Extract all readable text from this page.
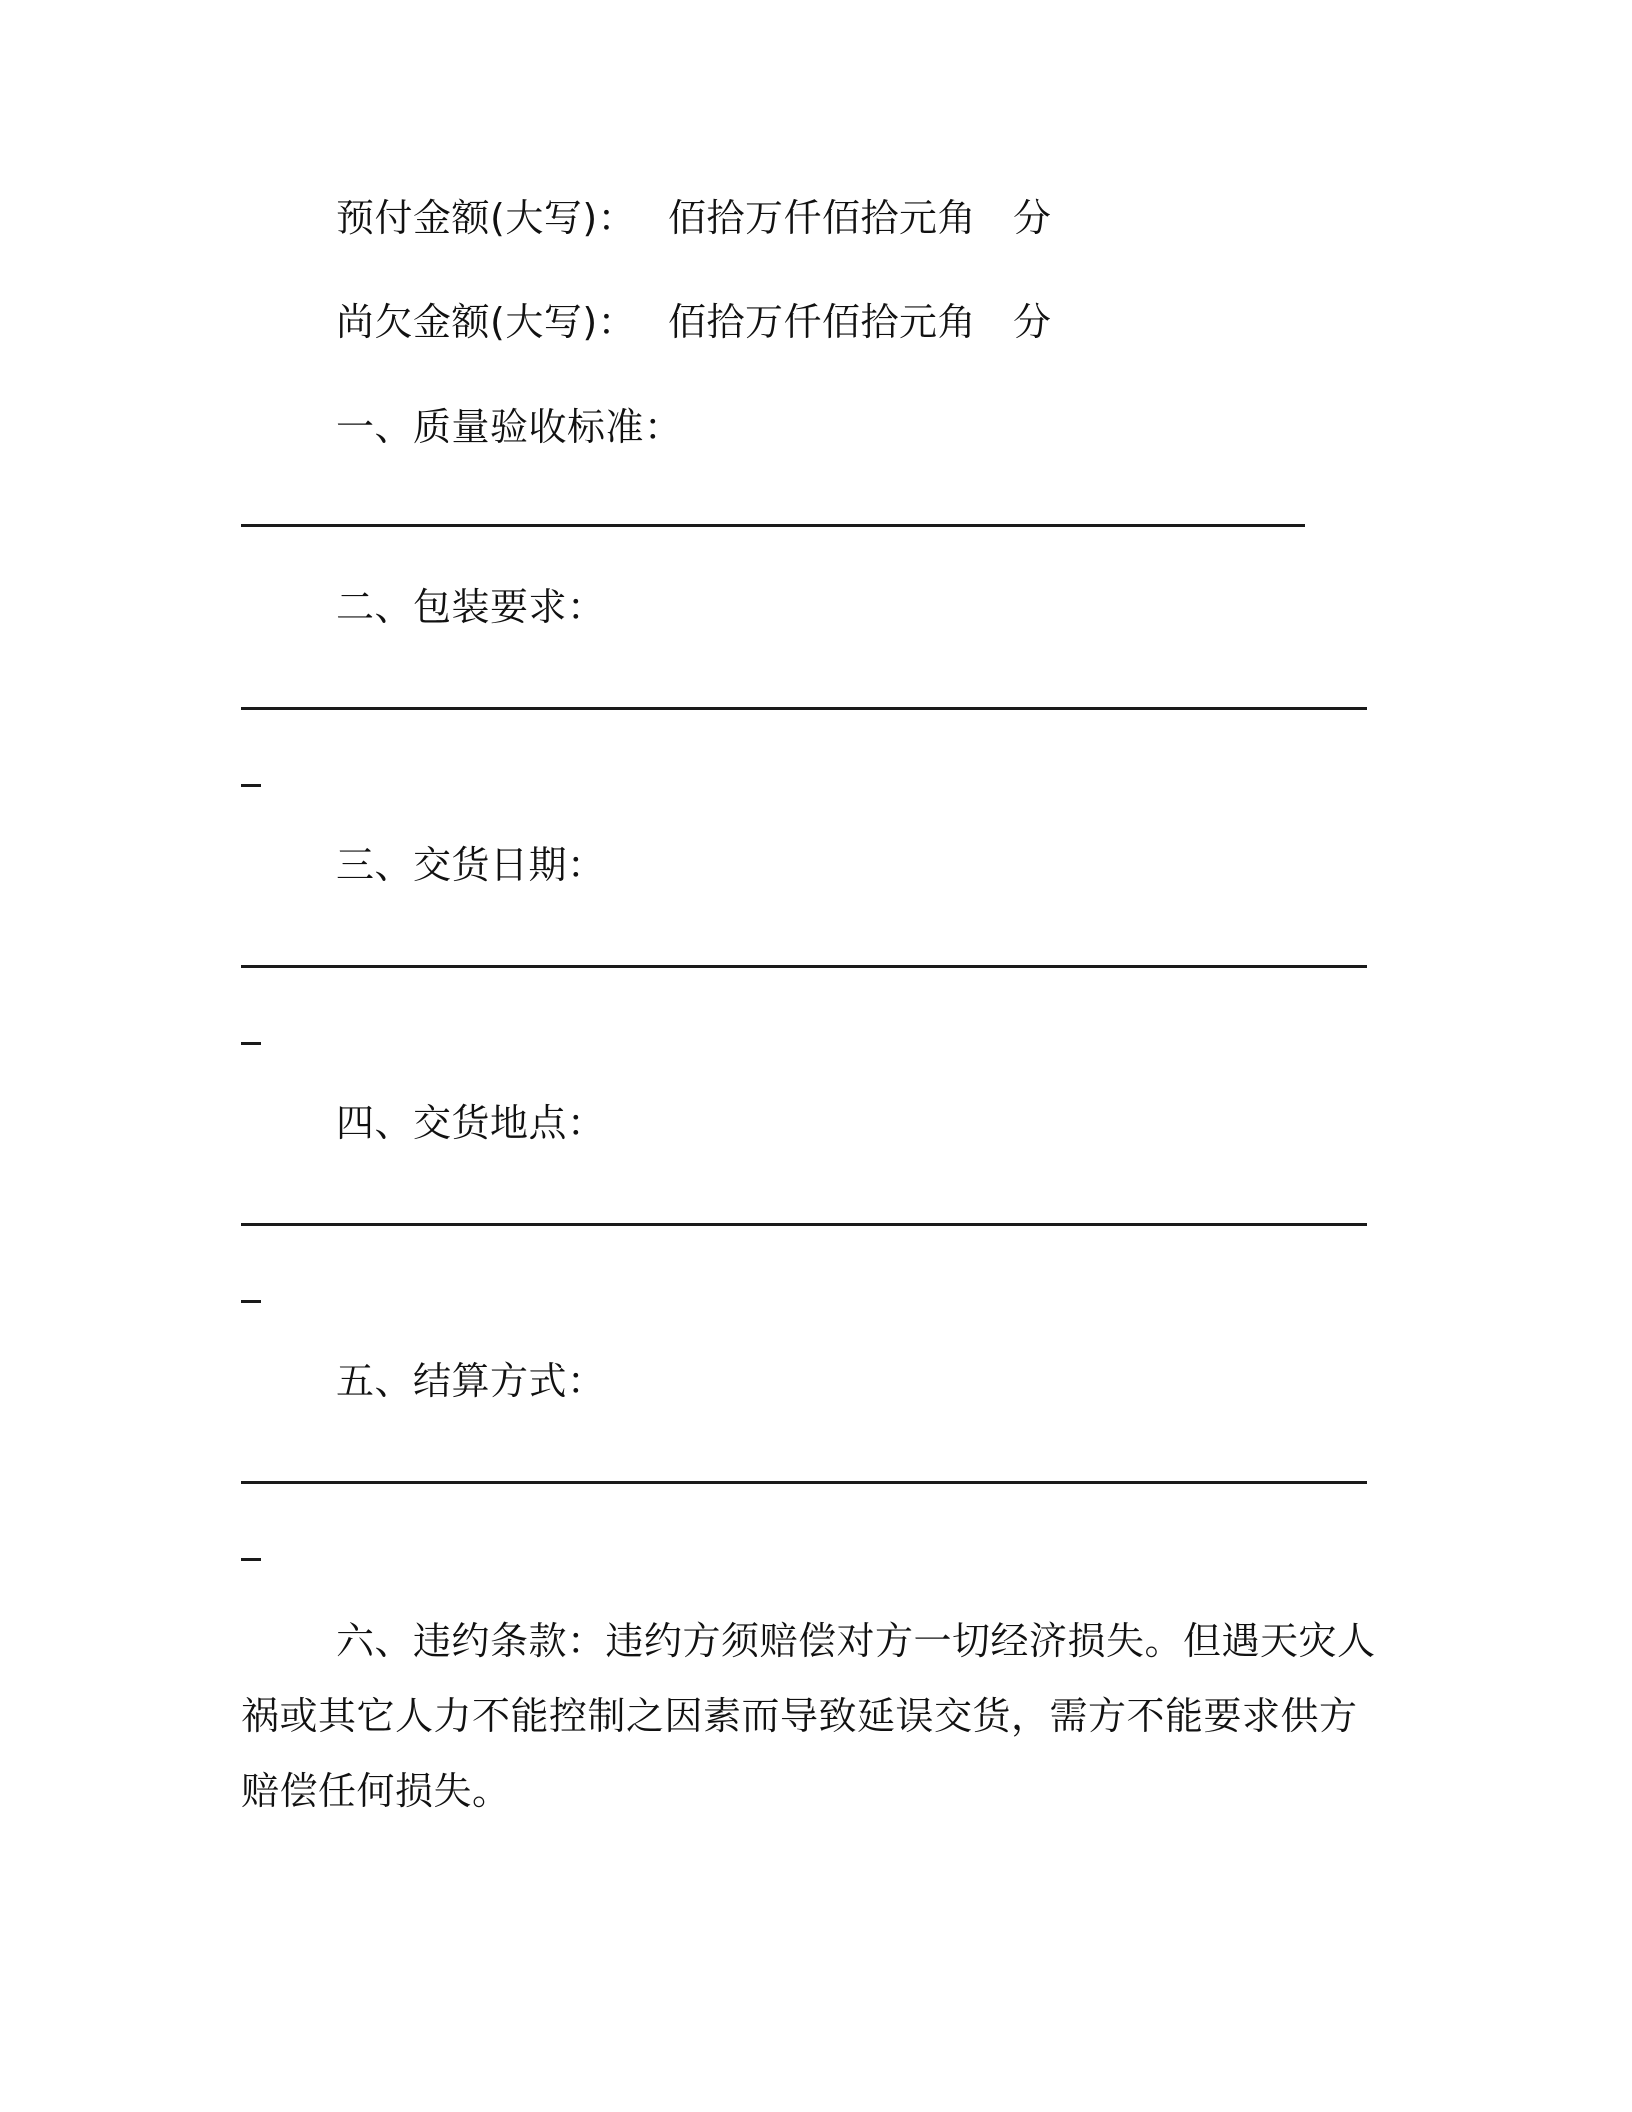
预付金额(大写)： 佰拾万仟佰拾元角 分
尚欠金额(大写)： 佰拾万仟佰拾元角 分
一、质量验收标准：
二、包装要求：
三、交货日期：
四、交货地点：
五、结算方式：
六、违约条款：违约方须赔偿对方一切经济损失。但遇天灾人祸或其它人力不能控制之因素而导致延误交货，需方不能要求供方赔偿任何损失。
